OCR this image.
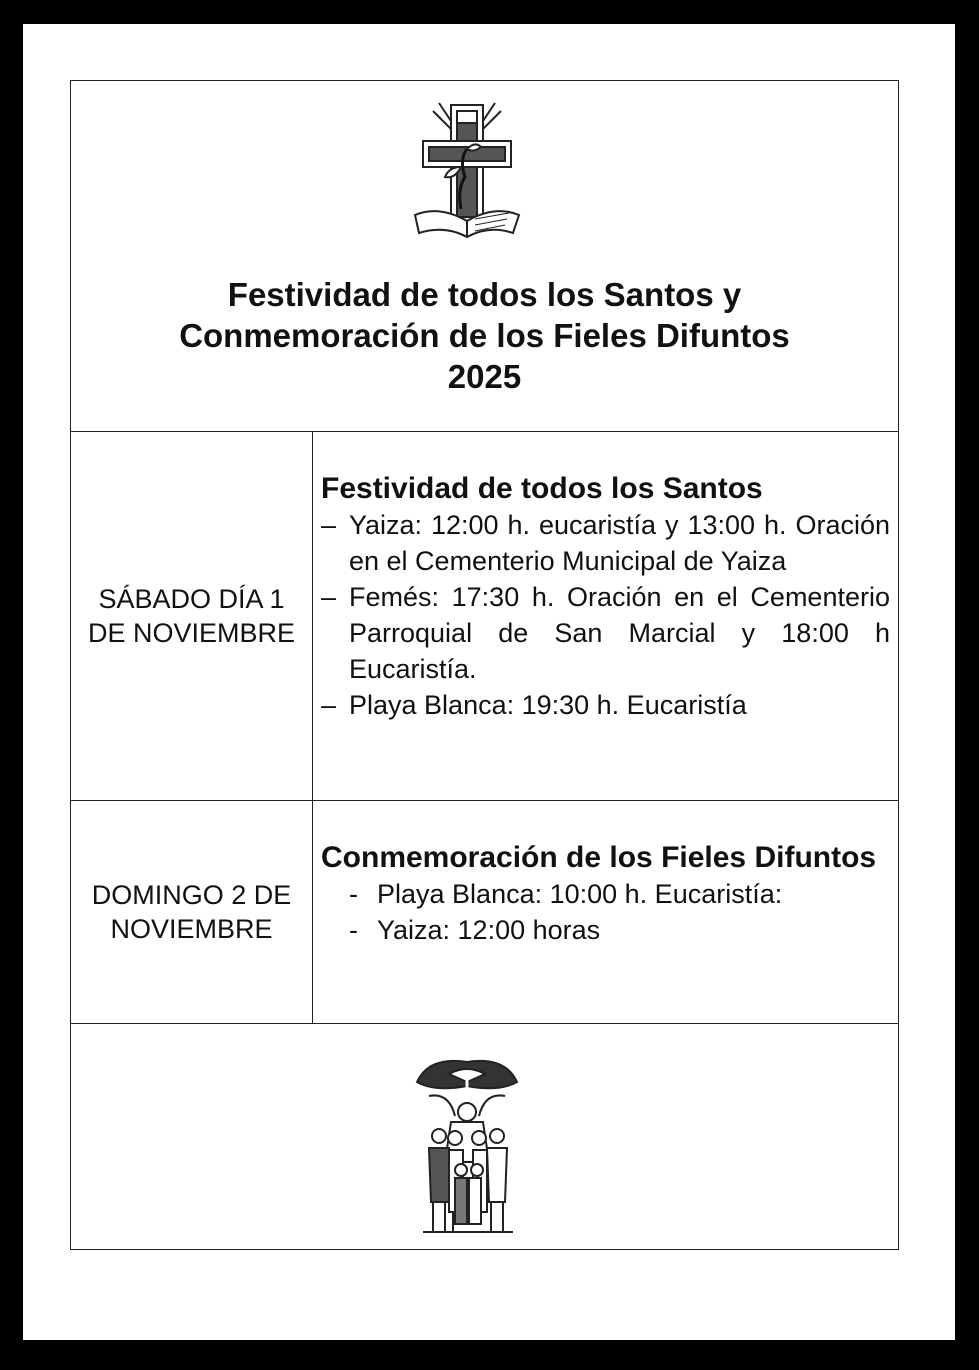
Festividad de todos los Santos y
Conmemoración de los Fieles Difuntos
2025
SÁBADO DÍA 1
DE NOVIEMBRE

Festividad de todos los Santos

– Yaiza: 12:00 h. eucaristía y 13:00 h. Oración en el Cementerio Municipal de Yaiza
– Femés: 17:30 h. Oración en el Cementerio Parroquial de San Marcial y 18:00 h Eucaristía.
– Playa Blanca: 19:30 h. Eucaristía
DOMINGO 2 DE
NOVIEMBRE

Conmemoración de los Fieles Difuntos

- Playa Blanca: 10:00 h. Eucaristía:
- Yaiza: 12:00 horas
